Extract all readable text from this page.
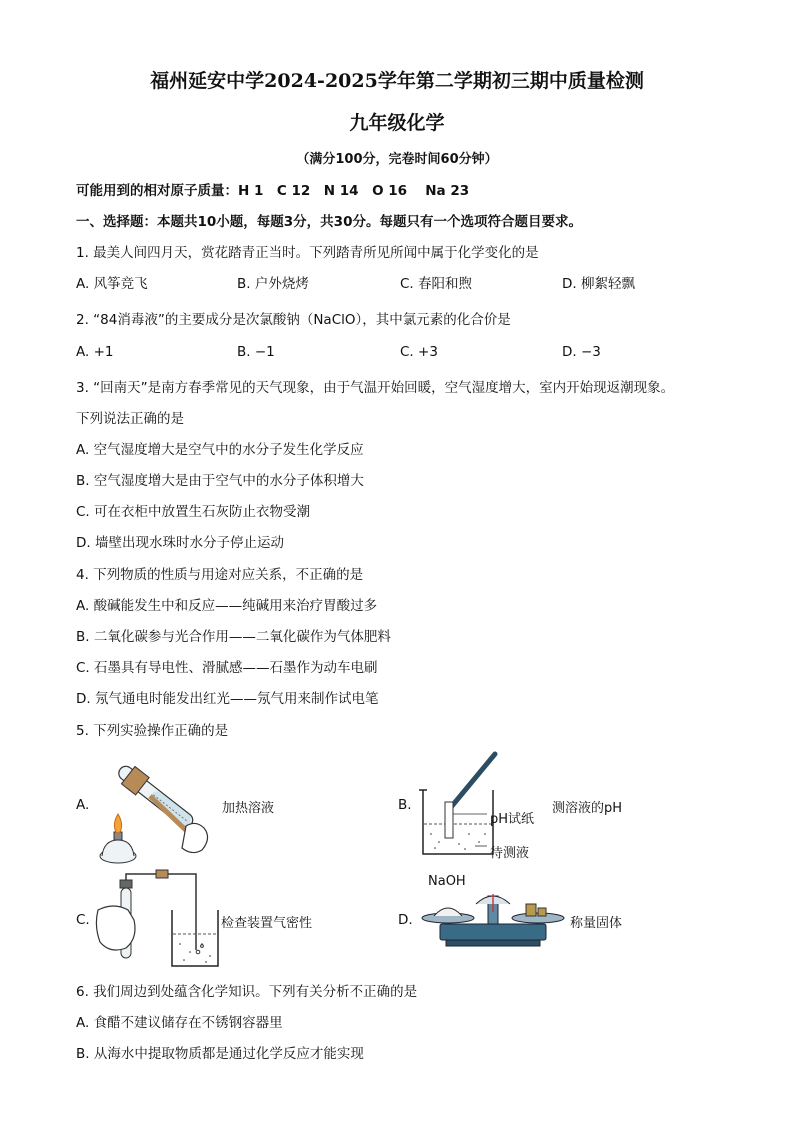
福州延安中学2024-2025学年第二学期初三期中质量检测
九年级化学
（满分100分，完卷时间60分钟）
可能用到的相对原子质量：H 1　C 12　N 14　O 16　 Na 23
一、选择题：本题共10小题，每题3分，共30分。每题只有一个选项符合题目要求。
1. 最美人间四月天，赏花踏青正当时。下列踏青所见所闻中属于化学变化的是
A. 风筝竞飞	B. 户外烧烤	C. 春阳和煦	D. 柳絮轻飘
2. “84消毒液”的主要成分是次氯酸钠（NaClO），其中氯元素的化合价是
A. +1	B. −1	C. +3	D. −3
3. “回南天”是南方春季常见的天气现象，由于气温开始回暖，空气湿度增大，室内开始现返潮现象。
下列说法正确的是
A. 空气湿度增大是空气中的水分子发生化学反应
B. 空气湿度增大是由于空气中的水分子体积增大
C. 可在衣柜中放置生石灰防止衣物受潮
D. 墙壁出现水珠时水分子停止运动
4. 下列物质的性质与用途对应关系，不正确的是
A. 酸碱能发生中和反应——纯碱用来治疗胃酸过多
B. 二氧化碳参与光合作用——二氧化碳作为气体肥料
C. 石墨具有导电性、滑腻感——石墨作为动车电刷
D. 氖气通电时能发出红光——氖气用来制作试电笔
5. 下列实验操作正确的是
A.	加热溶液	B.
pH试纸
待测液
测溶液的pH
C.	检查装置气密性	D.
NaOH
称量固体
6. 我们周边到处蕴含化学知识。下列有关分析不正确的是
A. 食醋不建议储存在不锈钢容器里
B. 从海水中提取物质都是通过化学反应才能实现
